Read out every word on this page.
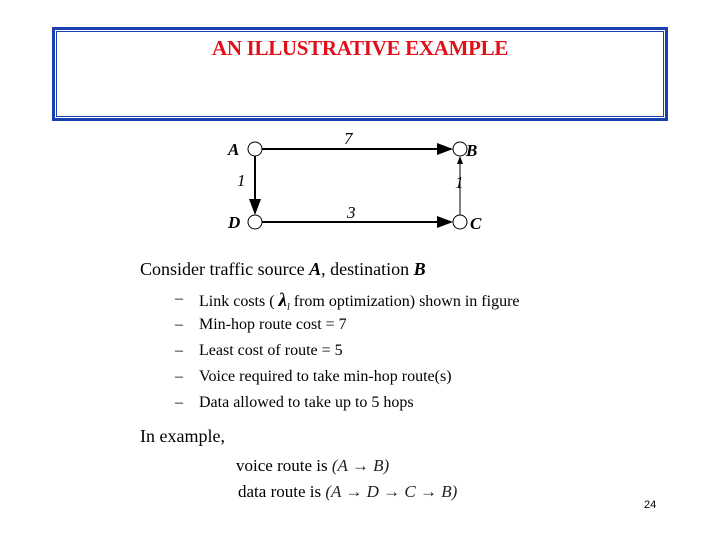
AN ILLUSTRATIVE EXAMPLE
A	B
C
D
7
1
3
1
Consider traffic source A, destination B
– Link costs ( $\lambda_l$ from optimization) shown in figure
– Min-hop route cost = 7
– Least cost of route = 5
– Voice required to take min-hop route(s)
– Data allowed to take up to 5 hops
In example,
voice route is (A → B)
data route is (A → D → C → B)
24
